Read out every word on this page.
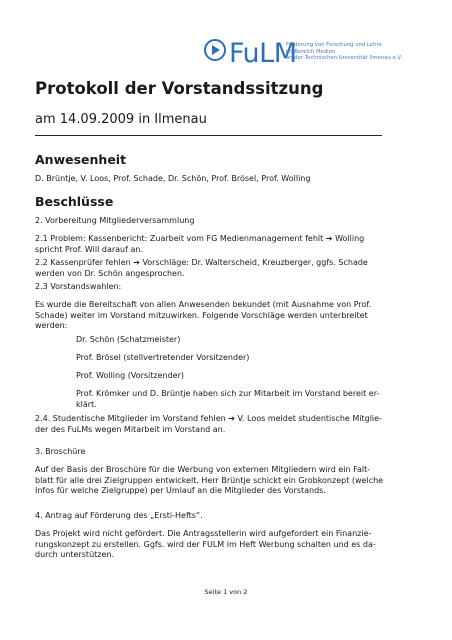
FuLM
Förderung von Forschung und Lehre
im Bereich Medien
an der Technischen Universität Ilmenau e.V.
Protokoll der Vorstandssitzung

am 14.09.2009 in Ilmenau

Anwesenheit

D. Brüntje, V. Loos, Prof. Schade, Dr. Schön, Prof. Brösel, Prof. Wolling

Beschlüsse

2. Vorbereitung Mitgliederversammlung

2.1 Problem: Kassenbericht: Zuarbeit vom FG Medienmanagement fehlt ➔ Wolling
spricht Prof. Will darauf an.

2.2 Kassenprüfer fehlen ➔ Vorschläge: Dr. Walterscheid, Kreuzberger, ggfs. Schade
werden von Dr. Schön angesprochen.

2.3 Vorstandswahlen:

Es wurde die Bereitschaft von allen Anwesenden bekundet (mit Ausnahme von Prof.
Schade) weiter im Vorstand mitzuwirken. Folgende Vorschläge werden unterbreitet
werden:

Dr. Schön (Schatzmeister)

Prof. Brösel (stellvertretender Vorsitzender)

Prof. Wolling (Vorsitzender)

Prof. Krömker und D. Brüntje haben sich zur Mitarbeit im Vorstand bereit er-
klärt.

2.4. Studentische Mitglieder im Vorstand fehlen ➔ V. Loos meldet studentische Mitglie-
der des FuLMs wegen Mitarbeit im Vorstand an.

3. Broschüre

Auf der Basis der Broschüre für die Werbung von externen Mitgliedern wird ein Falt-
blatt für alle drei Zielgruppen entwickelt. Herr Brüntje schickt ein Grobkonzept (welche
Infos für welche Zielgruppe) per Umlauf an die Mitglieder des Vorstands.

4. Antrag auf Förderung des „Ersti-Hefts“.

Das Projekt wird nicht gefördert. Die Antragsstellerin wird aufgefordert ein Finanzie-
rungskonzept zu erstellen. Ggfs. wird der FULM im Heft Werbung schalten und es da-
durch unterstützen.

Seite 1 von 2
